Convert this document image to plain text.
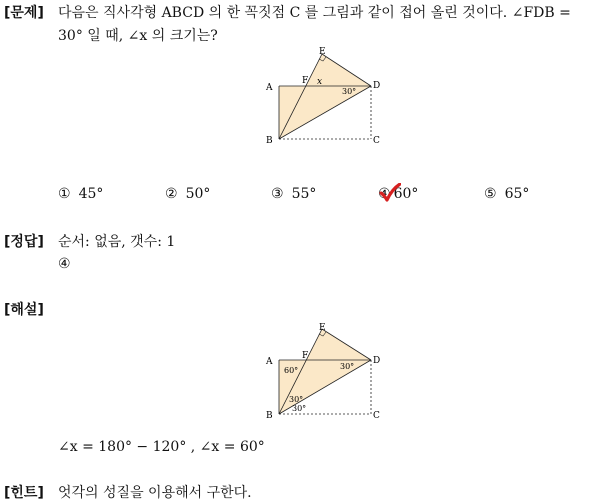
[문제] 다음은 직사각형 ABCD 의 한 꼭짓점 C 를 그림과 같이 접어 올린 것이다. ∠FDB =
30° 일 때, ∠x 의 크기는?
A
B	C
D
E
F x
30°
① 45°	② 50°	③ 55°	④ 60°	⑤ 65°
[정답] 순서: 없음, 갯수: 1
④
[해설]
A
B	C
D
E
F
60°	30°
30°
30°
∠x = 180° − 120° , ∠x = 60°
[힌트] 엇각의 성질을 이용해서 구한다.
